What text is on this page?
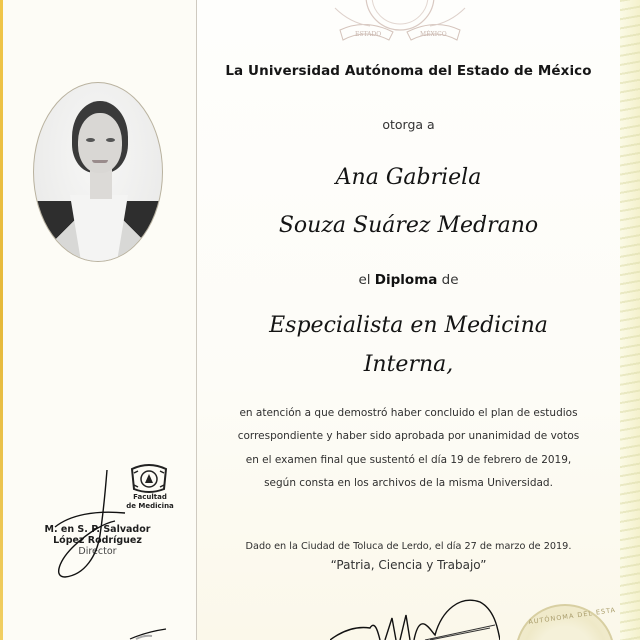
Facultad
de Medicina
M. en S. P. Salvador
López Rodríguez
Director
ESTADO	MÉXICO
La Universidad Autónoma del Estado de México
otorga a
Ana Gabriela
Souza Suárez Medrano
el Diploma de
Especialista en Medicina
Interna,
en atención a que demostró haber concluido el plan de estudios
correspondiente y haber sido aprobada por unanimidad de votos
en el examen final que sustentó el día 19 de febrero de 2019,
según consta en los archivos de la misma Universidad.
Dado en la Ciudad de Toluca de Lerdo, el día 27 de marzo de 2019.
“Patria, Ciencia y Trabajo”
AUTÓNOMA DEL ESTA
